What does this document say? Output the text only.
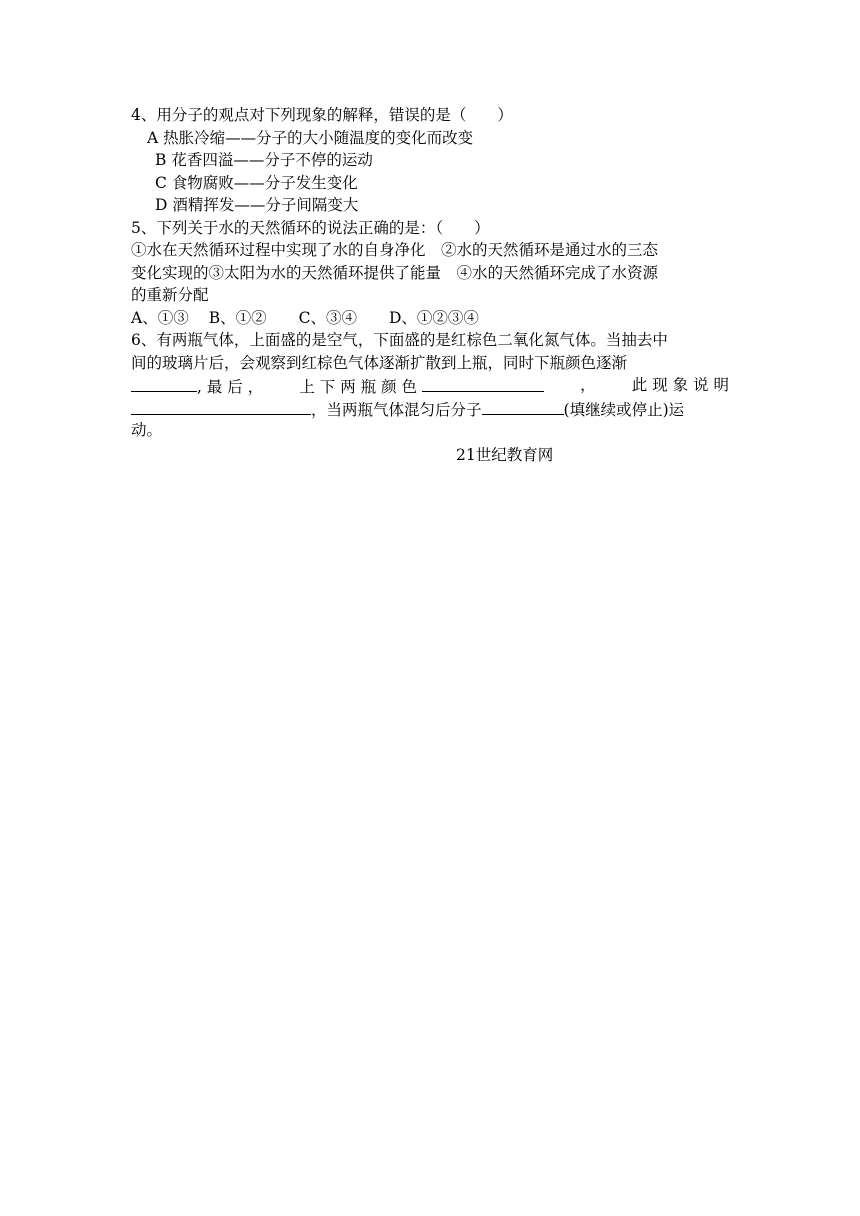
4、用分子的观点对下列现象的解释，错误的是（　　）
A 热胀冷缩——分子的大小随温度的变化而改变
B 花香四溢——分子不停的运动
C 食物腐败——分子发生变化
D 酒精挥发——分子间隔变大
5、下列关于水的天然循环的说法正确的是：（　　）
①水在天然循环过程中实现了水的自身净化　②水的天然循环是通过水的三态
变化实现的③太阳为水的天然循环提供了能量　④水的天然循环完成了水资源
的重新分配
A、①③ B、①② C、③④ D、①②③④
6、有两瓶气体，上面盛的是空气，下面盛的是红棕色二氧化氮气体。当抽去中
间的玻璃片后，会观察到红棕色气体逐渐扩散到上瓶，同时下瓶颜色逐渐
, 最 后 ， 上 下 两 瓶 颜 色	， 此 现 象 说 明
，当两瓶气体混匀后分子	(填继续或停止)运
动。
21世纪教育网
